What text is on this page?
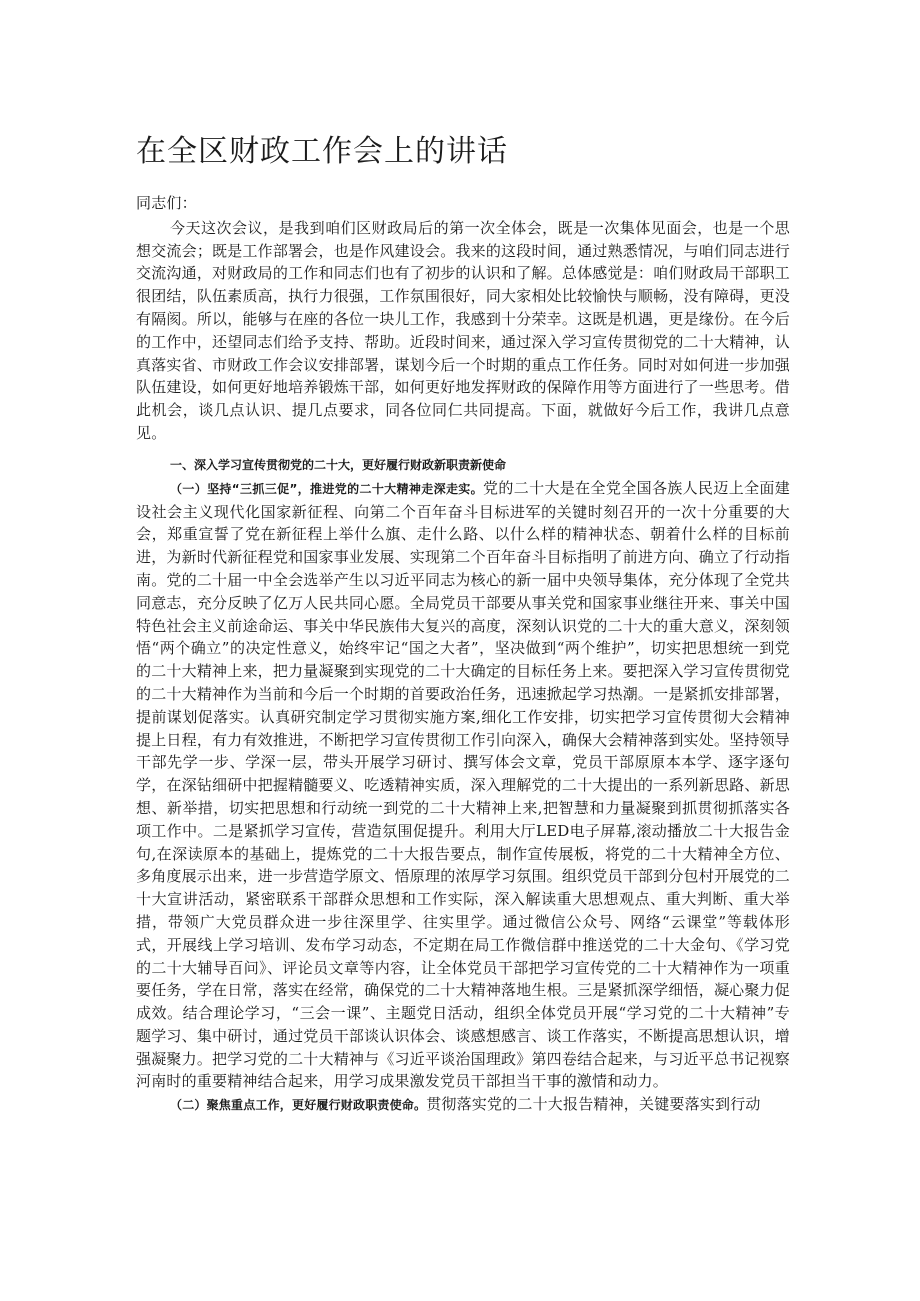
在全区财政工作会上的讲话

同志们：

今天这次会议，是我到咱们区财政局后的第一次全体会，既是一次集体见面会，也是一个思想交流会；既是工作部署会，也是作风建设会。我来的这段时间，通过熟悉情况，与咱们同志进行交流沟通，对财政局的工作和同志们也有了初步的认识和了解。总体感觉是：咱们财政局干部职工很团结，队伍素质高，执行力很强，工作氛围很好，同大家相处比较愉快与顺畅，没有障碍，更没有隔阂。所以，能够与在座的各位一块儿工作，我感到十分荣幸。这既是机遇，更是缘份。在今后的工作中，还望同志们给予支持、帮助。近段时间来，通过深入学习宣传贯彻党的二十大精神，认真落实省、市财政工作会议安排部署，谋划今后一个时期的重点工作任务。同时对如何进一步加强队伍建设，如何更好地培养锻炼干部，如何更好地发挥财政的保障作用等方面进行了一些思考。借此机会，谈几点认识、提几点要求，同各位同仁共同提高。下面，就做好今后工作，我讲几点意见。

一、深入学习宣传贯彻党的二十大，更好履行财政新职责新使命

（一）坚持“三抓三促”，推进党的二十大精神走深走实。党的二十大是在全党全国各族人民迈上全面建设社会主义现代化国家新征程、向第二个百年奋斗目标进军的关键时刻召开的一次十分重要的大会，郑重宣誓了党在新征程上举什么旗、走什么路、以什么样的精神状态、朝着什么样的目标前进，为新时代新征程党和国家事业发展、实现第二个百年奋斗目标指明了前进方向、确立了行动指南。党的二十届一中全会选举产生以习近平同志为核心的新一届中央领导集体，充分体现了全党共同意志，充分反映了亿万人民共同心愿。全局党员干部要从事关党和国家事业继往开来、事关中国特色社会主义前途命运、事关中华民族伟大复兴的高度，深刻认识党的二十大的重大意义，深刻领悟“两个确立”的决定性意义，始终牢记“国之大者”，坚决做到“两个维护”，切实把思想统一到党的二十大精神上来，把力量凝聚到实现党的二十大确定的目标任务上来。要把深入学习宣传贯彻党的二十大精神作为当前和今后一个时期的首要政治任务，迅速掀起学习热潮。一是紧抓安排部署，提前谋划促落实。认真研究制定学习贯彻实施方案,细化工作安排，切实把学习宣传贯彻大会精神提上日程，有力有效推进，不断把学习宣传贯彻工作引向深入，确保大会精神落到实处。坚持领导干部先学一步、学深一层，带头开展学习研讨、撰写体会文章，党员干部原原本本学、逐字逐句学，在深钻细研中把握精髓要义、吃透精神实质，深入理解党的二十大提出的一系列新思路、新思想、新举措，切实把思想和行动统一到党的二十大精神上来,把智慧和力量凝聚到抓贯彻抓落实各项工作中。二是紧抓学习宣传，营造氛围促提升。利用大厅LED电子屏幕,滚动播放二十大报告金句,在深读原本的基础上，提炼党的二十大报告要点，制作宣传展板，将党的二十大精神全方位、多角度展示出来，进一步营造学原文、悟原理的浓厚学习氛围。组织党员干部到分包村开展党的二十大宣讲活动，紧密联系干部群众思想和工作实际，深入解读重大思想观点、重大判断、重大举措，带领广大党员群众进一步往深里学、往实里学。通过微信公众号、网络“云课堂”等载体形式，开展线上学习培训、发布学习动态，不定期在局工作微信群中推送党的二十大金句、《学习党的二十大辅导百问》、评论员文章等内容，让全体党员干部把学习宣传党的二十大精神作为一项重要任务，学在日常，落实在经常，确保党的二十大精神落地生根。三是紧抓深学细悟，凝心聚力促成效。结合理论学习，“三会一课”、主题党日活动，组织全体党员开展“学习党的二十大精神”专题学习、集中研讨，通过党员干部谈认识体会、谈感想感言、谈工作落实，不断提高思想认识，增强凝聚力。把学习党的二十大精神与《习近平谈治国理政》第四卷结合起来，与习近平总书记视察河南时的重要精神结合起来，用学习成果激发党员干部担当干事的激情和动力。

（二）聚焦重点工作，更好履行财政职责使命。贯彻落实党的二十大报告精神，关键要落实到行动
